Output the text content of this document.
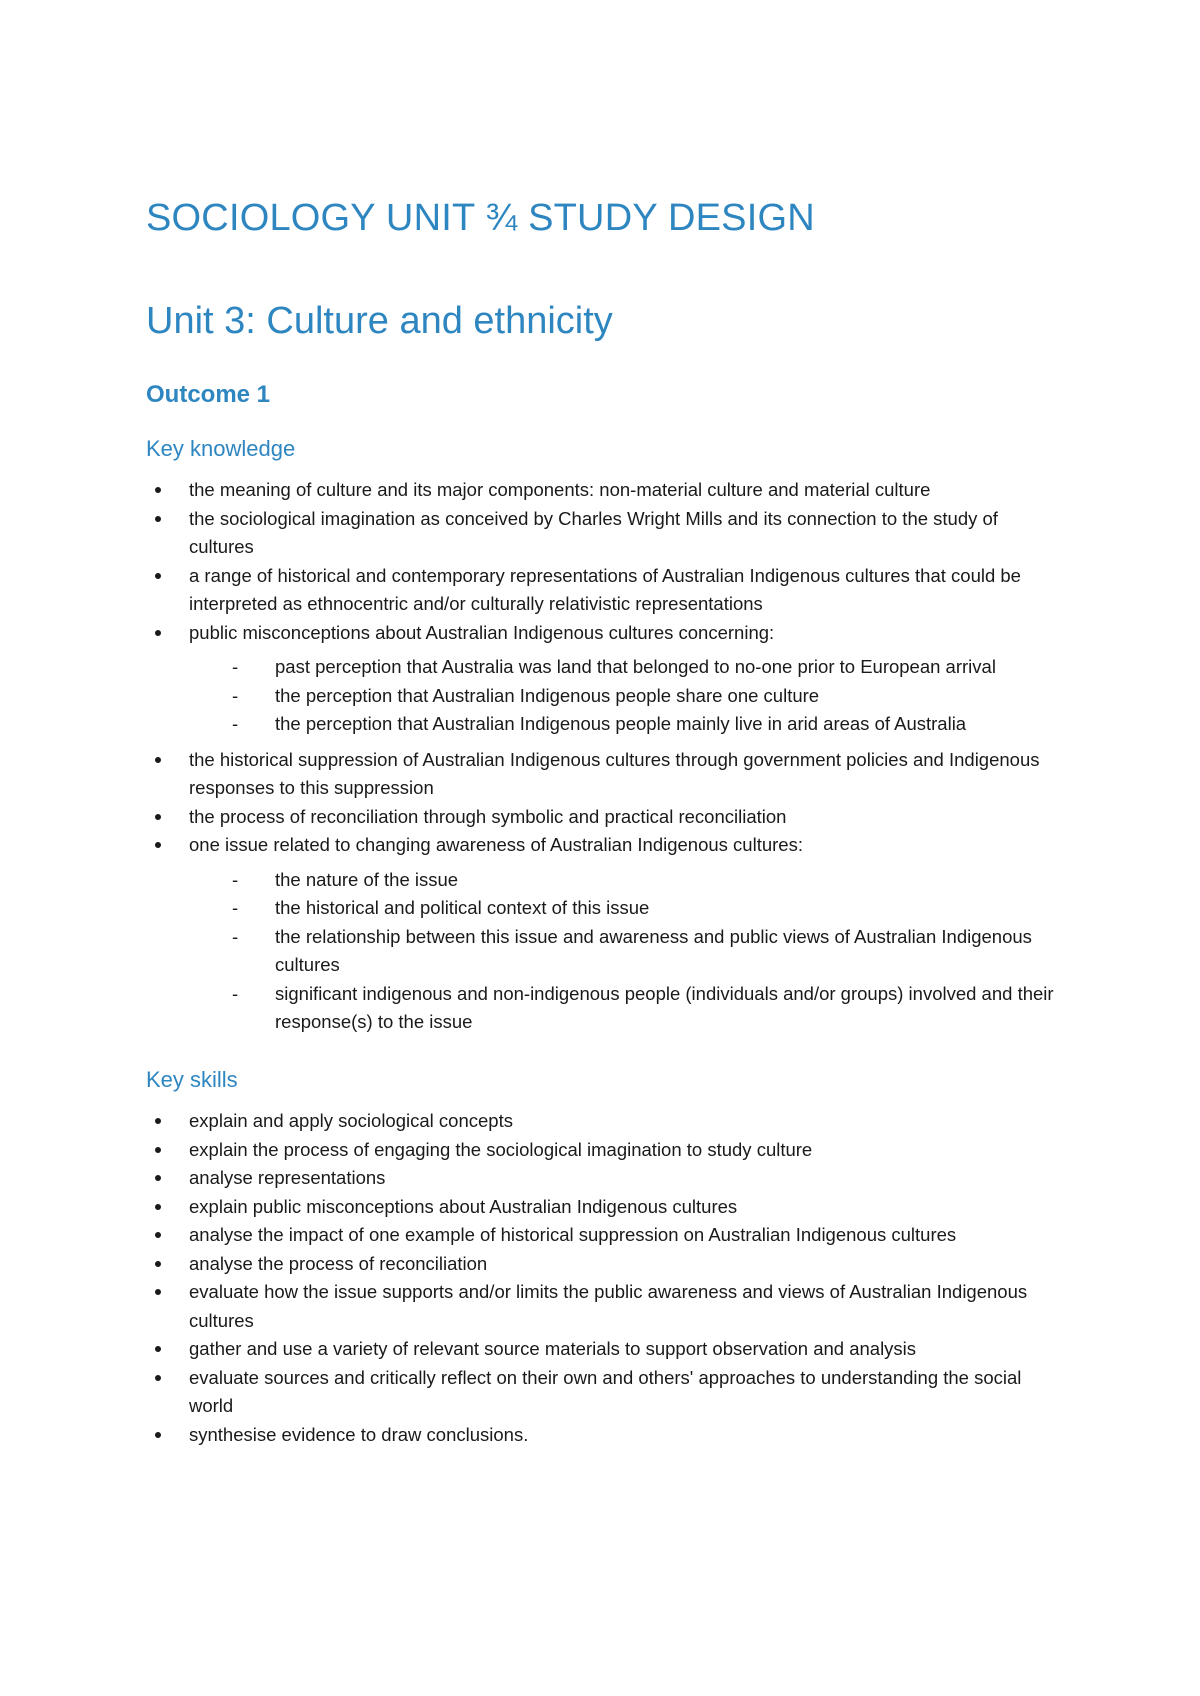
SOCIOLOGY UNIT ¾ STUDY DESIGN
Unit 3: Culture and ethnicity
Outcome 1
Key knowledge
the meaning of culture and its major components: non-material culture and material culture
the sociological imagination as conceived by Charles Wright Mills and its connection to the study of cultures
a range of historical and contemporary representations of Australian Indigenous cultures that could be interpreted as ethnocentric and/or culturally relativistic representations
public misconceptions about Australian Indigenous cultures concerning:
- past perception that Australia was land that belonged to no-one prior to European arrival
- the perception that Australian Indigenous people share one culture
- the perception that Australian Indigenous people mainly live in arid areas of Australia
the historical suppression of Australian Indigenous cultures through government policies and Indigenous responses to this suppression
the process of reconciliation through symbolic and practical reconciliation
one issue related to changing awareness of Australian Indigenous cultures:
- the nature of the issue
- the historical and political context of this issue
- the relationship between this issue and awareness and public views of Australian Indigenous cultures
- significant indigenous and non-indigenous people (individuals and/or groups) involved and their response(s) to the issue
Key skills
explain and apply sociological concepts
explain the process of engaging the sociological imagination to study culture
analyse representations
explain public misconceptions about Australian Indigenous cultures
analyse the impact of one example of historical suppression on Australian Indigenous cultures
analyse the process of reconciliation
evaluate how the issue supports and/or limits the public awareness and views of Australian Indigenous cultures
gather and use a variety of relevant source materials to support observation and analysis
evaluate sources and critically reflect on their own and others' approaches to understanding the social world
synthesise evidence to draw conclusions.
